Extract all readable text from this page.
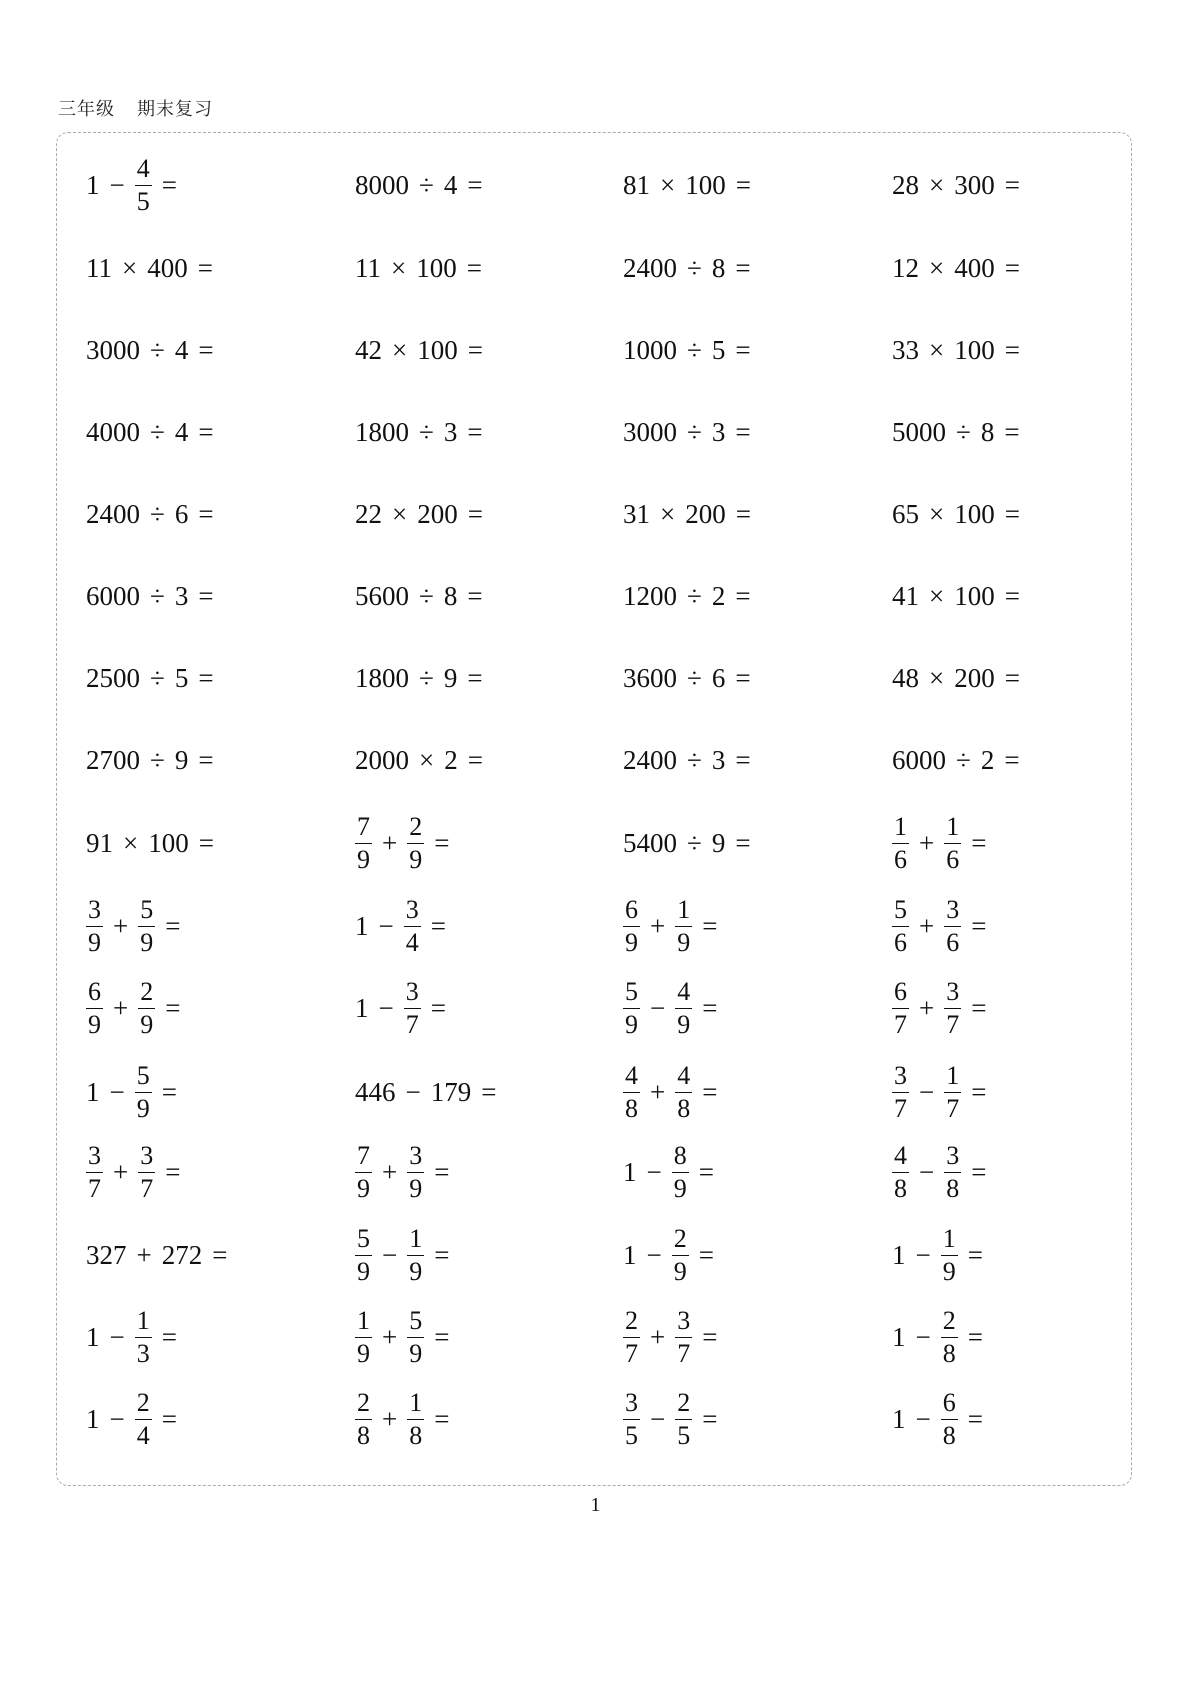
三年级 期末复习
$1 - \frac{4}{5}$ =	8000 ÷ 4 =	81 × 100 =	28 × 300 =
11 × 400 =	11 × 100 =	2400 ÷ 8 =	12 × 400 =
3000 ÷ 4 =	42 × 100 =	1000 ÷ 5 =	33 × 100 =
4000 ÷ 4 =	1800 ÷ 3 =	3000 ÷ 3 =	5000 ÷ 8 =
2400 ÷ 6 =	22 × 200 =	31 × 200 =	65 × 100 =
6000 ÷ 3 =	5600 ÷ 8 =	1200 ÷ 2 =	41 × 100 =
2500 ÷ 5 =	1800 ÷ 9 =	3600 ÷ 6 =	48 × 200 =
2700 ÷ 9 =	2000 × 2 =	2400 ÷ 3 =	6000 ÷ 2 =
91 × 100 =	$\frac{7}{9} + \frac{2}{9}$ =	5400 ÷ 9 =	$\frac{1}{6} + \frac{1}{6}$ =
$\frac{3}{9} + \frac{5}{9}$ =	$1 - \frac{3}{4}$ =	$\frac{6}{9} + \frac{1}{9}$ =	$\frac{5}{6} + \frac{3}{6}$ =
$\frac{6}{9} + \frac{2}{9}$ =	$1 - \frac{3}{7}$ =	$\frac{5}{9} - \frac{4}{9}$ =	$\frac{6}{7} + \frac{3}{7}$ =
$1 - \frac{5}{9}$ =	446 − 179 =	$\frac{4}{8} + \frac{4}{8}$ =	$\frac{3}{7} - \frac{1}{7}$ =
$\frac{3}{7} + \frac{3}{7}$ =	$\frac{7}{9} + \frac{3}{9}$ =	$1 - \frac{8}{9}$ =	$\frac{4}{8} - \frac{3}{8}$ =
327 + 272 =	$\frac{5}{9} - \frac{1}{9}$ =	$1 - \frac{2}{9}$ =	$1 - \frac{1}{9}$ =
$1 - \frac{1}{3}$ =	$\frac{1}{9} + \frac{5}{9}$ =	$\frac{2}{7} + \frac{3}{7}$ =	$1 - \frac{2}{8}$ =
$1 - \frac{2}{4}$ =	$\frac{2}{8} + \frac{1}{8}$ =	$\frac{3}{5} - \frac{2}{5}$ =	$1 - \frac{6}{8}$ =
1
